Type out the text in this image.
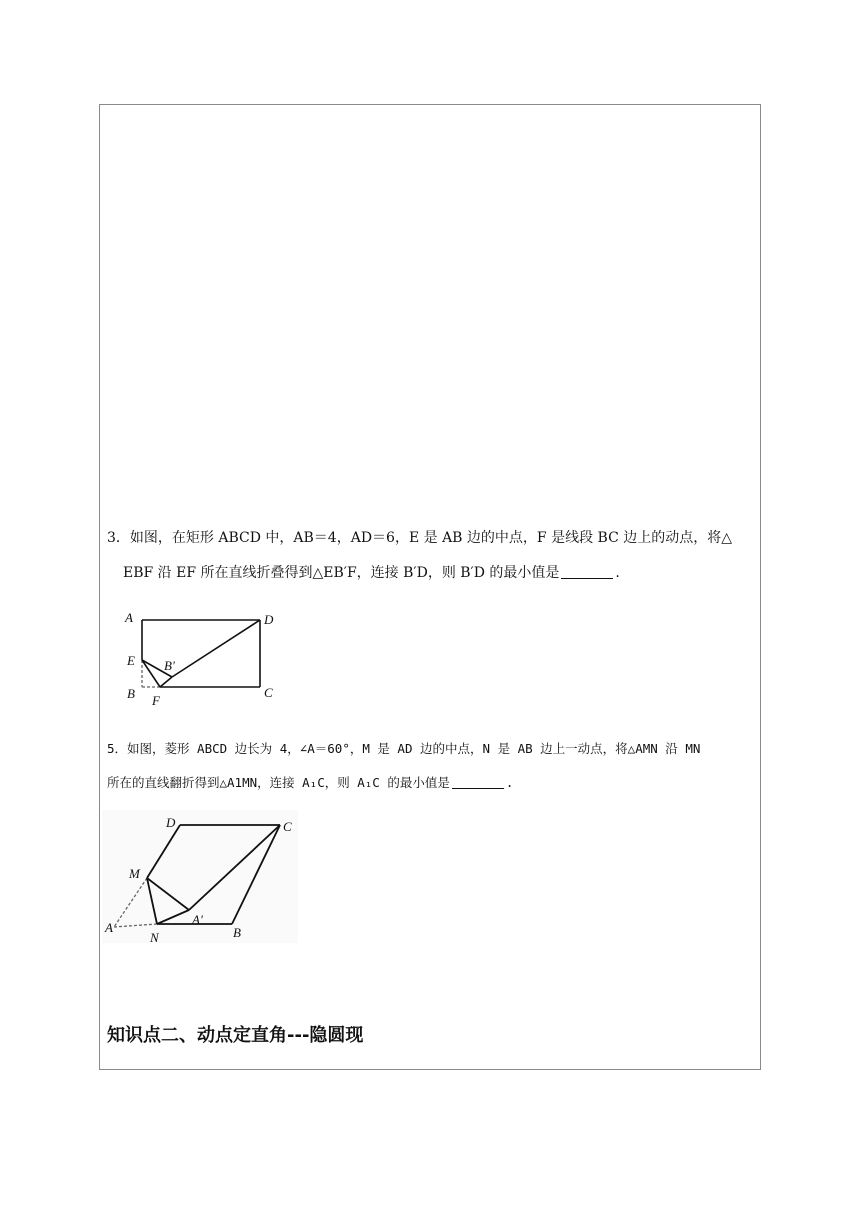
3．如图，在矩形 ABCD 中，AB＝4，AD＝6，E 是 AB 边的中点，F 是线段 BC 边上的动点，将△
EBF 沿 EF 所在直线折叠得到△EB′F，连接 B′D，则 B′D 的最小值是	.
A	D
E B'
B F
C
5．如图，菱形 ABCD 边长为 4，∠A＝60°，M 是 AD 边的中点，N 是 AB 边上一动点，将△AMN 沿 MN
所在的直线翻折得到△A1MN，连接 A₁C，则 A₁C 的最小值是	.
D	C
M
A'
A
N	B
知识点二、动点定直角---隐圆现
